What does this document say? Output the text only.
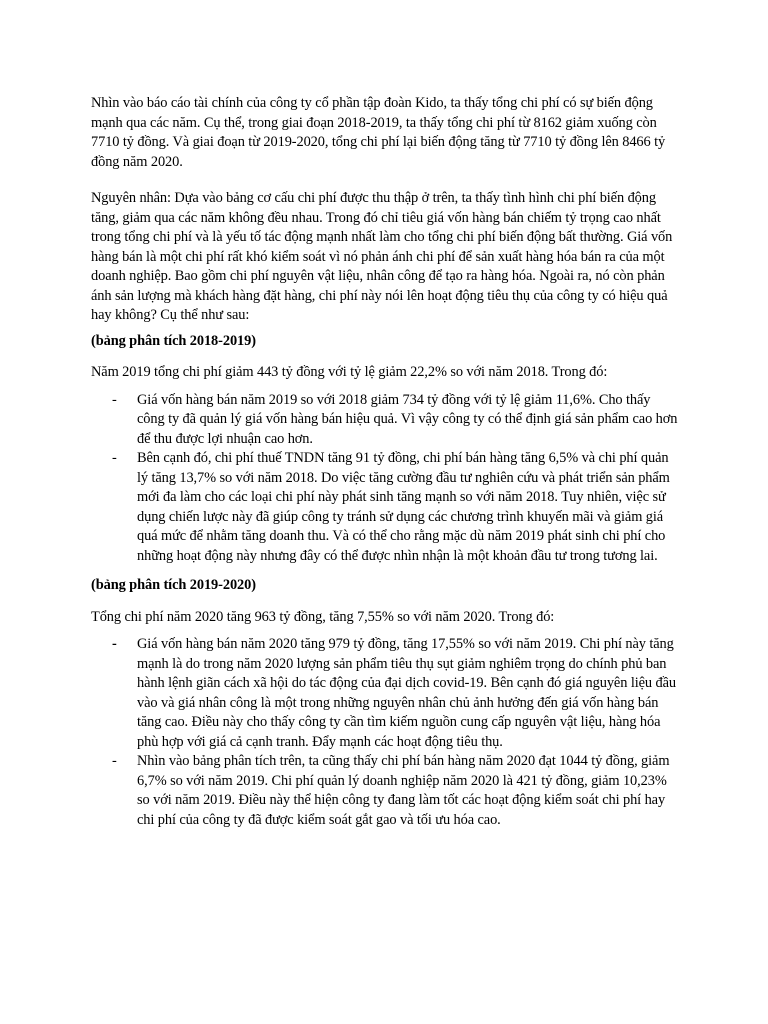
Nhìn vào báo cáo tài chính của công ty cổ phần tập đoàn Kido, ta thấy tổng chi phí có sự biến động mạnh qua các năm. Cụ thể, trong giai đoạn 2018-2019, ta thấy tổng chi phí từ 8162 giảm xuống còn 7710 tỷ đồng. Và giai đoạn từ 2019-2020, tổng chi phí lại biến động tăng từ 7710 tỷ đồng lên 8466 tỷ đồng năm 2020.

Nguyên nhân: Dựa vào bảng cơ cấu chi phí được thu thập ở trên, ta thấy tình hình chi phí biến động tăng, giảm qua các năm không đều nhau. Trong đó chỉ tiêu giá vốn hàng bán chiếm tỷ trọng cao nhất trong tổng chi phí và là yếu tố tác động mạnh nhất làm cho tổng chi phí biến động bất thường. Giá vốn hàng bán là một chi phí rất khó kiểm soát vì nó phản ánh chi phí để sản xuất hàng hóa bán ra của một doanh nghiệp. Bao gồm chi phí nguyên vật liệu, nhân công để tạo ra hàng hóa. Ngoài ra, nó còn phản ánh sản lượng mà khách hàng đặt hàng, chi phí này nói lên hoạt động tiêu thụ của công ty có hiệu quả hay không? Cụ thể như sau:

(bảng phân tích 2018-2019)

Năm 2019 tổng chi phí giảm 443 tỷ đồng với tỷ lệ giảm 22,2% so với năm 2018. Trong đó:

- Giá vốn hàng bán năm 2019 so với 2018 giảm 734 tỷ đồng với tỷ lệ giảm 11,6%. Cho thấy công ty đã quản lý giá vốn hàng bán hiệu quả. Vì vậy công ty có thể định giá sản phẩm cao hơn để thu được lợi nhuận cao hơn.

- Bên cạnh đó, chi phí thuế TNDN tăng 91 tỷ đồng, chi phí bán hàng tăng 6,5% và chi phí quản lý tăng 13,7% so với năm 2018. Do việc tăng cường đầu tư nghiên cứu và phát triển sản phẩm mới đa làm cho các loại chi phí này phát sinh tăng mạnh so với năm 2018. Tuy nhiên, việc sử dụng chiến lược này đã giúp công ty tránh sử dụng các chương trình khuyến mãi và giảm giá quá mức để nhằm tăng doanh thu. Và có thể cho rằng mặc dù năm 2019 phát sinh chi phí cho những hoạt động này nhưng đây có thể được nhìn nhận là một khoản đầu tư trong tương lai.

(bảng phân tích 2019-2020)

Tổng chi phí năm 2020 tăng 963 tỷ đồng, tăng 7,55% so với năm 2020. Trong đó:

- Giá vốn hàng bán năm 2020 tăng 979 tỷ đồng, tăng 17,55% so với năm 2019. Chi phí này tăng mạnh là do trong năm 2020 lượng sản phẩm tiêu thụ sụt giảm nghiêm trọng do chính phủ ban hành lệnh giãn cách xã hội do tác động của đại dịch covid-19. Bên cạnh đó giá nguyên liệu đầu vào và giá nhân công là một trong những nguyên nhân chủ ảnh hưởng đến giá vốn hàng bán tăng cao. Điều này cho thấy công ty cần tìm kiếm nguồn cung cấp nguyên vật liệu, hàng hóa phù hợp với giá cả cạnh tranh. Đẩy mạnh các hoạt động tiêu thụ.

- Nhìn vào bảng phân tích trên, ta cũng thấy chi phí bán hàng năm 2020 đạt 1044 tỷ đồng, giảm 6,7% so với năm 2019. Chi phí quản lý doanh nghiệp năm 2020 là 421 tỷ đồng, giảm 10,23% so với năm 2019. Điều này thể hiện công ty đang làm tốt các hoạt động kiểm soát chi phí hay chi phí của công ty đã được kiểm soát gắt gao và tối ưu hóa cao.
